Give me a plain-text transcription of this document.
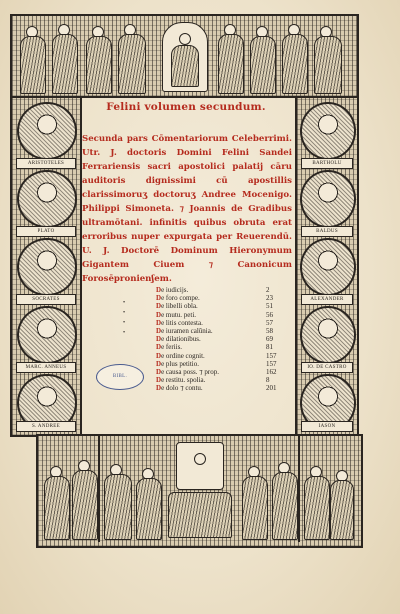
ARISTOTELES
PLATO
SOCRATES
MARC. ANNEUS
S. ANDREE
BARTHOLU
BALDUS
ALEXANDER
IO. DE CASTRO
IASON
Felini volumen secundum.
Secunda pars Cōmentariorum Celeberrimi. Utr. J. doctoris Domini Felini Sandei Ferrariensis sacri apostolici palatij cāru auditoris dignissimi cū apostillis clarissimoruʒ doctoruʒ Andree Mocenigo. Philippi Simoneta. ⁊ Joannis de Gradibus ultramōtani. infinitis quibus obruta erat erroribus nuper expurgata per Reuerendū. U. J. Doctorē Dominum Hieronymum Gigantem Ciuem ⁊ Canonicum Forosēpronienʃem.
•
•
•
•
De iudicijs.	2
De foro compe.	23
De libelli obla.	51
De mutu. peti.	56
De litis contesta.	57
De iuramen calūnia.	58
De dilationibus.	69
De feriis.	81
De ordine cognit.	157
De plus petitio.	157
De causa poss. ⁊ prop.	162
De restitu. spolia.	8
De dolo ⁊ contu.	201
BIBL.
